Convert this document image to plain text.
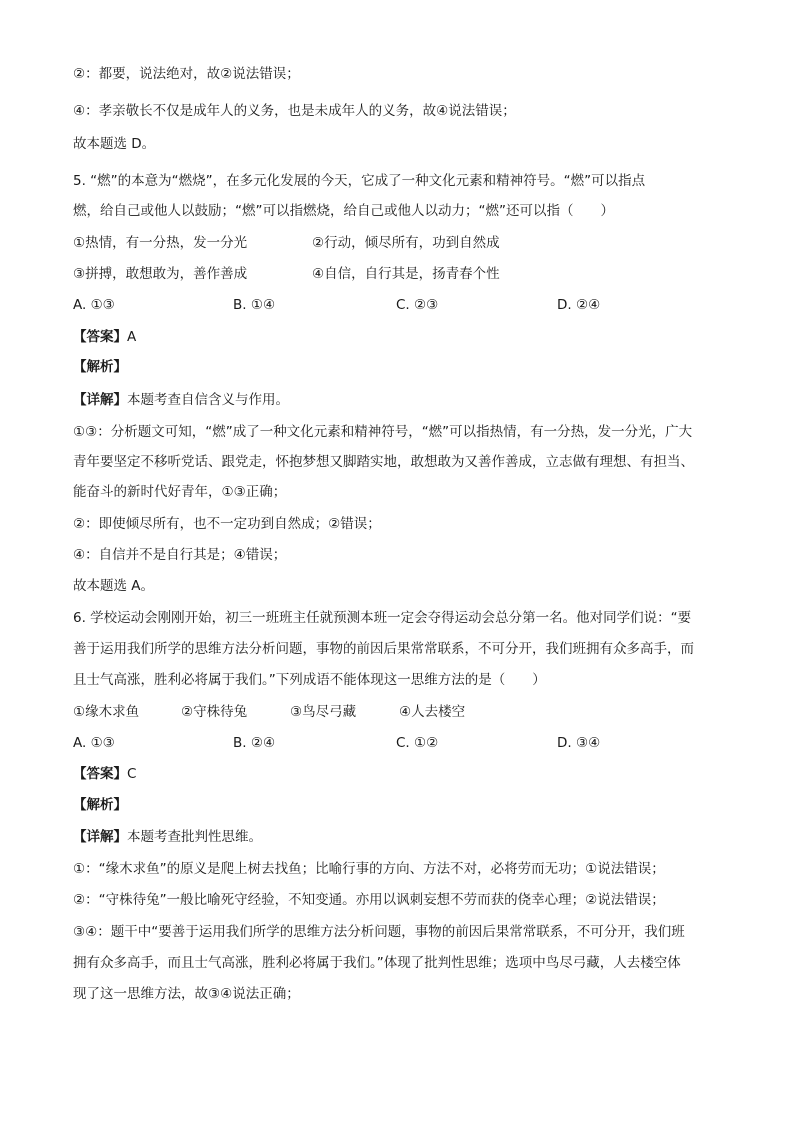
②：都要，说法绝对，故②说法错误；
④：孝亲敬长不仅是成年人的义务，也是未成年人的义务，故④说法错误；
故本题选 D。
5. “燃”的本意为“燃烧”，在多元化发展的今天，它成了一种文化元素和精神符号。“燃”可以指点
燃，给自己或他人以鼓励；“燃”可以指燃烧，给自己或他人以动力；“燃”还可以指（　　）
①热情，有一分热，发一分光	②行动，倾尽所有，功到自然成
③拼搏，敢想敢为，善作善成	④自信，自行其是，扬青春个性
A. ①③	B. ①④	C. ②③	D. ②④
【答案】A
【解析】
【详解】本题考查自信含义与作用。
①③：分析题文可知，“燃”成了一种文化元素和精神符号，“燃”可以指热情，有一分热，发一分光，广大
青年要坚定不移听党话、跟党走，怀抱梦想又脚踏实地，敢想敢为又善作善成，立志做有理想、有担当、
能奋斗的新时代好青年，①③正确；
②：即使倾尽所有，也不一定功到自然成；②错误；
④：自信并不是自行其是；④错误；
故本题选 A。
6. 学校运动会刚刚开始，初三一班班主任就预测本班一定会夺得运动会总分第一名。他对同学们说：“要
善于运用我们所学的思维方法分析问题，事物的前因后果常常联系，不可分开，我们班拥有众多高手，而
且士气高涨，胜利必将属于我们。”下列成语不能体现这一思维方法的是（　　）
①缘木求鱼	②守株待兔	③鸟尽弓藏	④人去楼空
A. ①③	B. ②④	C. ①②	D. ③④
【答案】C
【解析】
【详解】本题考查批判性思维。
①：“缘木求鱼”的原义是爬上树去找鱼；比喻行事的方向、方法不对，必将劳而无功；①说法错误；
②：“守株待兔”一般比喻死守经验，不知变通。亦用以讽刺妄想不劳而获的侥幸心理；②说法错误；
③④：题干中“要善于运用我们所学的思维方法分析问题，事物的前因后果常常联系，不可分开，我们班
拥有众多高手，而且士气高涨，胜利必将属于我们。”体现了批判性思维；选项中鸟尽弓藏，人去楼空体
现了这一思维方法，故③④说法正确；
